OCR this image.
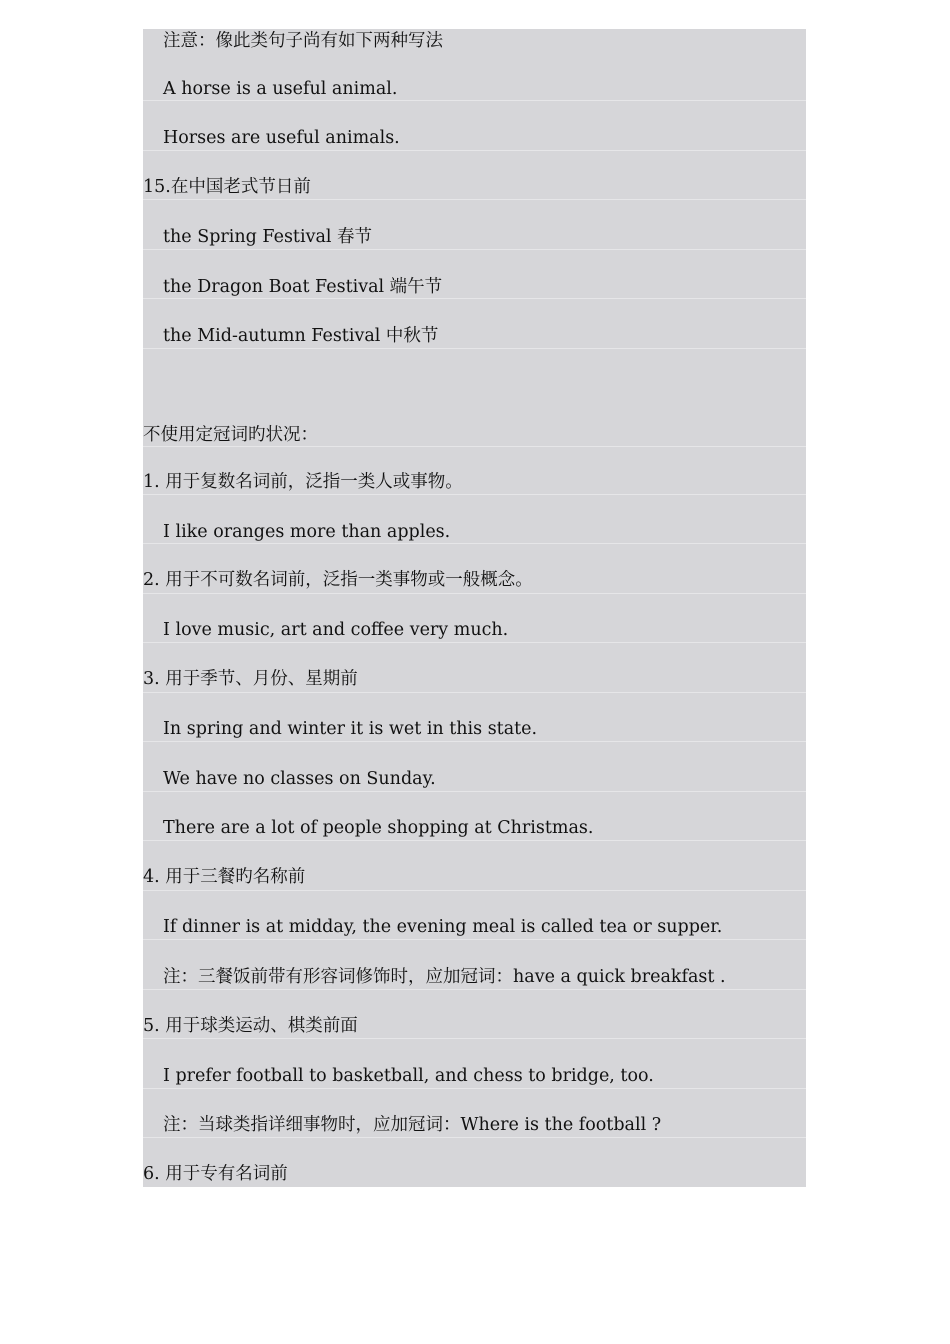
注意：像此类句子尚有如下两种写法
A horse is a useful animal.
Horses are useful animals.
15.在中国老式节日前
the Spring Festival 春节
the Dragon Boat Festival 端午节
the Mid-autumn Festival 中秋节
不使用定冠词旳状况：
1. 用于复数名词前，泛指一类人或事物。
I like oranges more than apples.
2. 用于不可数名词前，泛指一类事物或一般概念。
I love music, art and coffee very much.
3. 用于季节、月份、星期前
In spring and winter it is wet in this state.
We have no classes on Sunday.
There are a lot of people shopping at Christmas.
4. 用于三餐旳名称前
If dinner is at midday, the evening meal is called tea or supper.
注：三餐饭前带有形容词修饰时，应加冠词：have a quick breakfast .
5. 用于球类运动、棋类前面
I prefer football to basketball, and chess to bridge, too.
注：当球类指详细事物时，应加冠词：Where is the football ?
6. 用于专有名词前
